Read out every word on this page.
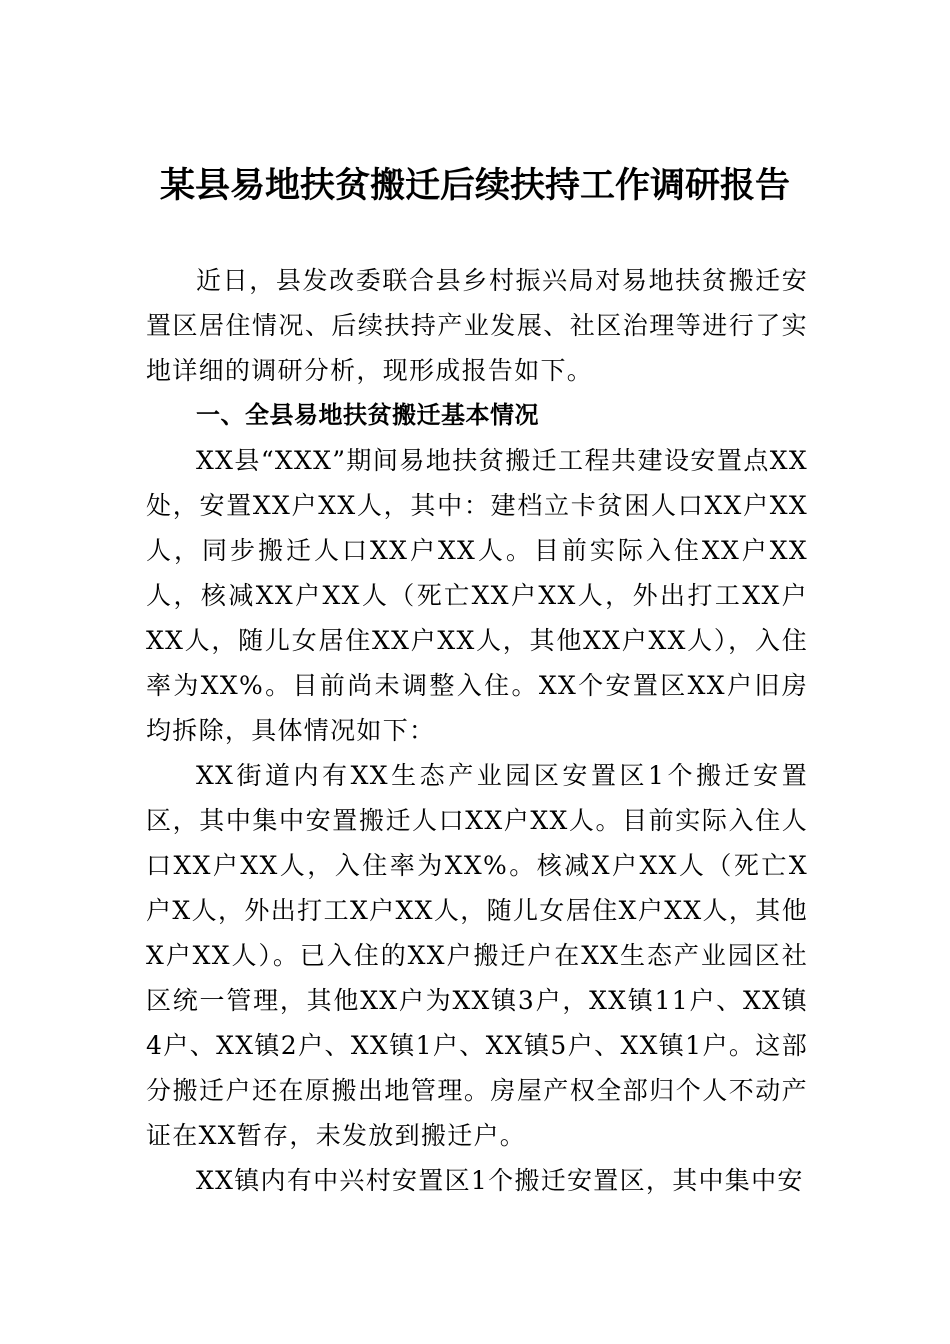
某县易地扶贫搬迁后续扶持工作调研报告

近日，县发改委联合县乡村振兴局对易地扶贫搬迁安置区居住情况、后续扶持产业发展、社区治理等进行了实地详细的调研分析，现形成报告如下。

一、全县易地扶贫搬迁基本情况

XX县“XXX”期间易地扶贫搬迁工程共建设安置点XX处，安置XX户XX人，其中：建档立卡贫困人口XX户XX人，同步搬迁人口XX户XX人。目前实际入住XX户XX人，核减XX户XX人（死亡XX户XX人，外出打工XX户XX人，随儿女居住XX户XX人，其他XX户XX人），入住率为XX%。目前尚未调整入住。XX个安置区XX户旧房均拆除，具体情况如下：

XX街道内有XX生态产业园区安置区1个搬迁安置区，其中集中安置搬迁人口XX户XX人。目前实际入住人口XX户XX人，入住率为XX%。核减X户XX人（死亡X户X人，外出打工X户XX人，随儿女居住X户XX人，其他X户XX人）。已入住的XX户搬迁户在XX生态产业园区社区统一管理，其他XX户为XX镇3户，XX镇11户、XX镇4户、XX镇2户、XX镇1户、XX镇5户、XX镇1户。这部分搬迁户还在原搬出地管理。房屋产权全部归个人不动产证在XX暂存，未发放到搬迁户。

XX镇内有中兴村安置区1个搬迁安置区，其中集中安
